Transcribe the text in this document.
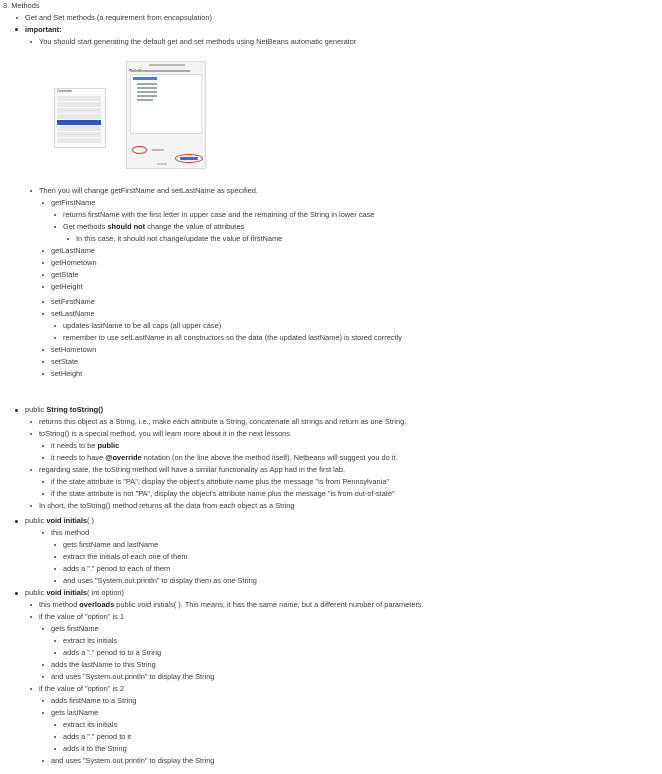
3. Methods
Get and Set methods (a requirement from encapsulation)
important:
You should start generating the default get and set methods using NetBeans automatic generator
Generate

Then you will change getFirstName and setLastName as specified.
getFirstName
returns firstName with the first letter in upper case and the remaining of the String in lower case
Get methods should not change the value of attributes
In this case, it should not change/update the value of firstName
getLastName
getHometown
getState
getHeight
setFirstName
setLastName
updates lastName to be all caps (all upper case)
remember to use setLastName in all constructors so the data (the updated lastName) is stored correctly
setHometown
setState
setHeight
public String toString()
returns this object as a String, i.e., make each attribute a String, concatenate all strings and return as one String.
toString() is a special method, you will learn more about it in the next lessons
it needs to be public
it needs to have @override notation (on the line above the method itself). Netbeans will suggest you do it.
regarding state, the toString method will have a similar functionality as App had in the first lab.
if the state attribute is "PA", display the object's attribute name plus the message "is from Pennsylvania"
if the state attribute is not "PA", display the object's attribute name plus the message "is from out-of-state"
In short, the toString() method returns all the data from each object as a String
public void initials( )
this method
gets firstName and lastName
extract the initials of each one of them
adds a "." period to each of them
and uses "System.out.println" to display them as one String
public void initials( int option)
this method overloads public void initials( ). This means, it has the same name, but a different number of parameters.
if the value of "option" is 1
gets firstName
extract its initials
adds a "." period to to a String
adds the lastName to this String
and uses "System.out.println" to display the String
if the value of "option" is 2
adds firstName to a String
gets lastName
extract its initials
adds a "." period to it
adds it to the String
and uses "System.out.println" to display the String
